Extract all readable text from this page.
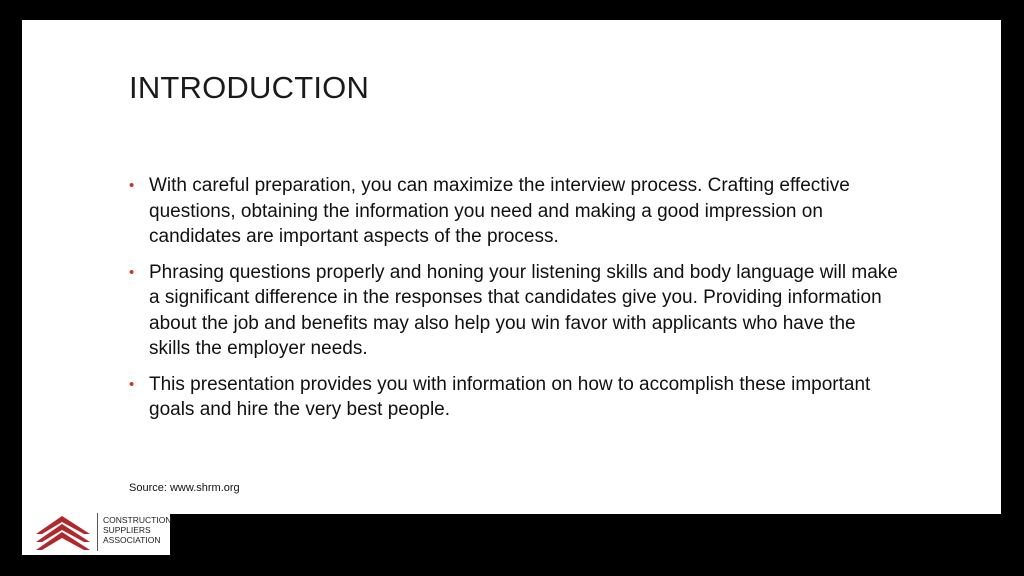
INTRODUCTION
• With careful preparation, you can maximize the interview process. Crafting effective questions, obtaining the information you need and making a good impression on candidates are important aspects of the process.
• Phrasing questions properly and honing your listening skills and body language will make a significant difference in the responses that candidates give you. Providing information about the job and benefits may also help you win favor with applicants who have the skills the employer needs.
• This presentation provides you with information on how to accomplish these important goals and hire the very best people.
Source: www.shrm.org
CONSTRUCTION
SUPPLIERS
ASSOCIATION
